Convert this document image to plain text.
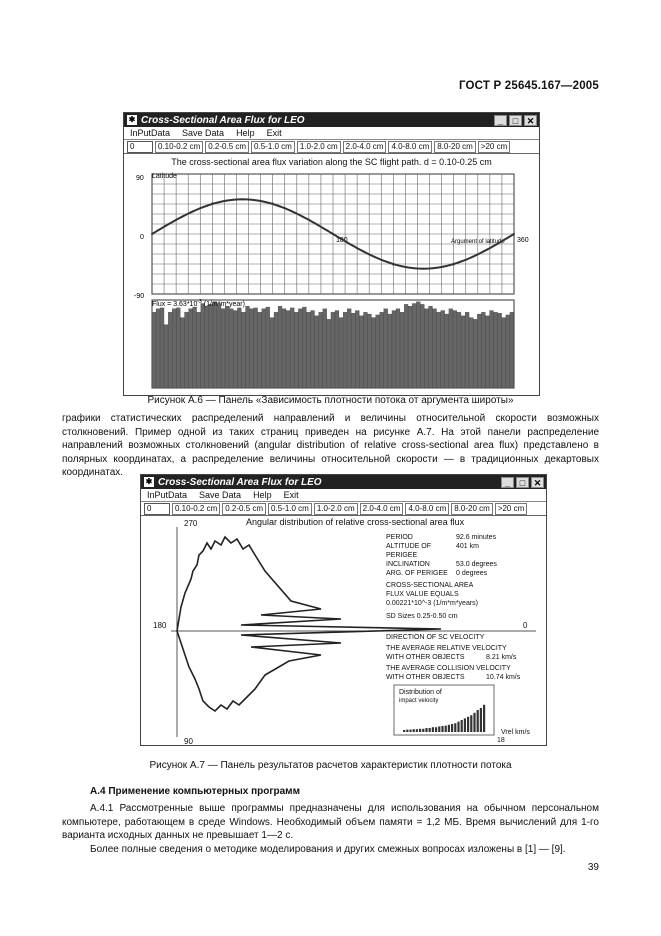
ГОСТ Р 25645.167—2005
✱ Cross-Sectional Area Flux for LEO	_	□ ✕
InPutData Save Data Help Exit
0	0.10-0.2 cm	0.2-0.5 cm	0.5-1.0 cm	1.0-2.0 cm	2.0-4.0 cm	4.0-8.0 cm	8.0-20 cm	>20 cm
The cross-sectional area flux variation along the SC flight path. d = 0.10-0.25 cm
Latitude
90
0
-90
180	360
Argument of latitude
Flux = $3.63*10^{-3}$ (1/m*m*year)
Рисунок А.6 — Панель «Зависимость плотности потока от аргумента широты»
графики статистических распределений направлений и величины относительной скорости возможных столкновений. Пример одной из таких страниц приведен на рисунке А.7. На этой панели распределение направлений возможных столкновений (angular distribution of relative cross-sectional area flux) представлено в полярных координатах, а распределение величины относительной скорости — в традиционных декартовых координатах.
✱ Cross-Sectional Area Flux for LEO	_	□ ✕
InPutData Save Data Help Exit
0	0.10-0.2 cm	0.2-0.5 cm	0.5-1.0 cm	1.0-2.0 cm	2.0-4.0 cm	4.0-8.0 cm	8.0-20 cm	>20 cm
Angular distribution of relative cross-sectional area flux
270
180	0
90
PERIOD	92.6 minutes
ALTITUDE OF PERIGEE
401 km
INCLINATION	53.0 degrees
ARG. OF PERIGEE	0 degrees
CROSS-SECTIONAL AREA
FLUX VALUE EQUALS
0.00221*10^-3 (1/m*m*years)
SD Sizes 0.25-0.50 cm
DIRECTION OF SC VELOCITY
THE AVERAGE RELATIVE VELOCITY
WITH OTHER OBJECTS	8.21 km/s
THE AVERAGE COLLISION VELOCITY
WITH OTHER OBJECTS	10.74 km/s
Distribution of
impact velocity
Vrel km/s
18
Рисунок А.7 — Панель результатов расчетов характеристик плотности потока
А.4 Применение компьютерных программ
А.4.1 Рассмотренные выше программы предназначены для использования на обычном персональном компьютере, работающем в среде Windows. Необходимый объем памяти = 1,2 МБ. Время вычислений для 1-го варианта исходных данных не превышает 1—2 с.
Более полные сведения о методике моделирования и других смежных вопросах изложены в [1] — [9].
39
